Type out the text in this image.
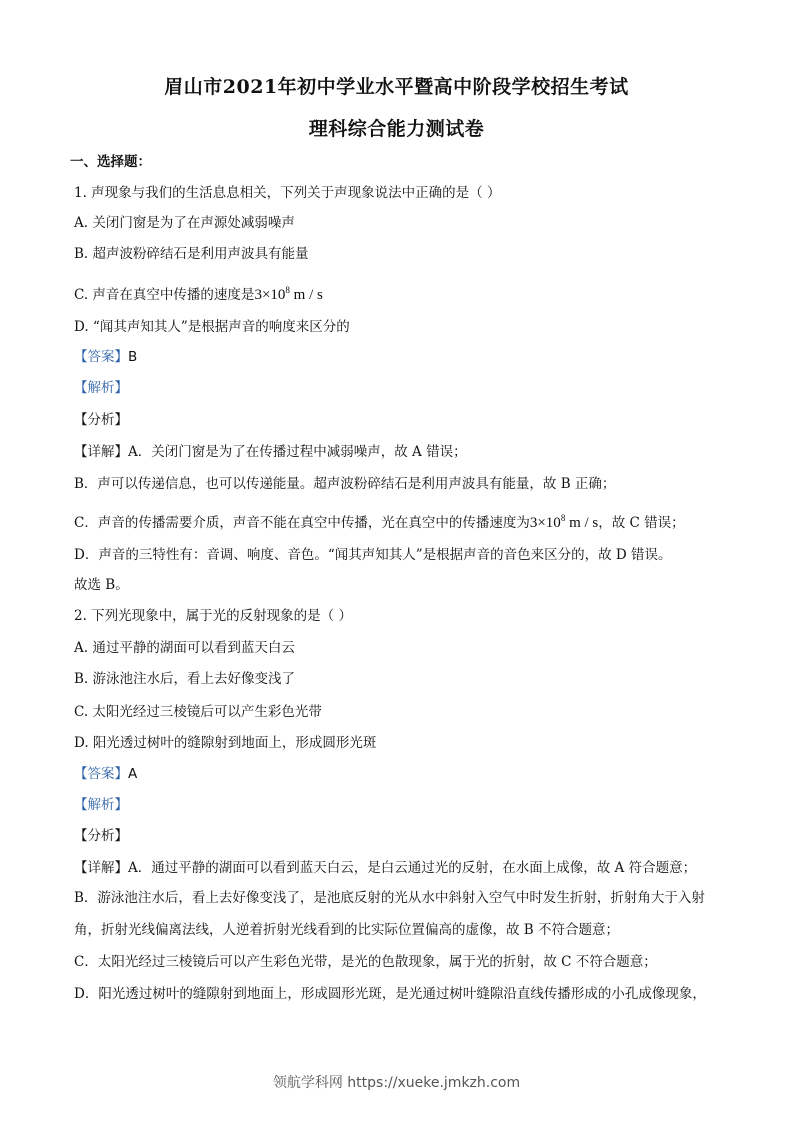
眉山市2021年初中学业水平暨高中阶段学校招生考试
理科综合能力测试卷

一、选择题：

1. 声现象与我们的生活息息相关，下列关于声现象说法中正确的是（ ）

A. 关闭门窗是为了在声源处减弱噪声

B. 超声波粉碎结石是利用声波具有能量

C. 声音在真空中传播的速度是$3\times 10^8$ m / s

D. “闻其声知其人”是根据声音的响度来区分的

【答案】B

【解析】

【分析】

【详解】A．关闭门窗是为了在传播过程中减弱噪声，故 A 错误；

B．声可以传递信息，也可以传递能量。超声波粉碎结石是利用声波具有能量，故 B 正确；

C．声音的传播需要介质，声音不能在真空中传播，光在真空中的传播速度为$3\times 10^8$ m / s，故 C 错误；

D．声音的三特性有：音调、响度、音色。“闻其声知其人”是根据声音的音色来区分的，故 D 错误。

故选 B。

2. 下列光现象中，属于光的反射现象的是（ ）

A. 通过平静的湖面可以看到蓝天白云

B. 游泳池注水后，看上去好像变浅了

C. 太阳光经过三棱镜后可以产生彩色光带

D. 阳光透过树叶的缝隙射到地面上，形成圆形光斑

【答案】A

【解析】

【分析】

【详解】A．通过平静的湖面可以看到蓝天白云，是白云通过光的反射，在水面上成像，故 A 符合题意；

B．游泳池注水后，看上去好像变浅了，是池底反射的光从水中斜射入空气中时发生折射，折射角大于入射

角，折射光线偏离法线，人逆着折射光线看到的比实际位置偏高的虚像，故 B 不符合题意；

C．太阳光经过三棱镜后可以产生彩色光带，是光的色散现象，属于光的折射，故 C 不符合题意；

D．阳光透过树叶的缝隙射到地面上，形成圆形光斑，是光通过树叶缝隙沿直线传播形成的小孔成像现象，

领航学科网 https://xueke.jmkzh.com
